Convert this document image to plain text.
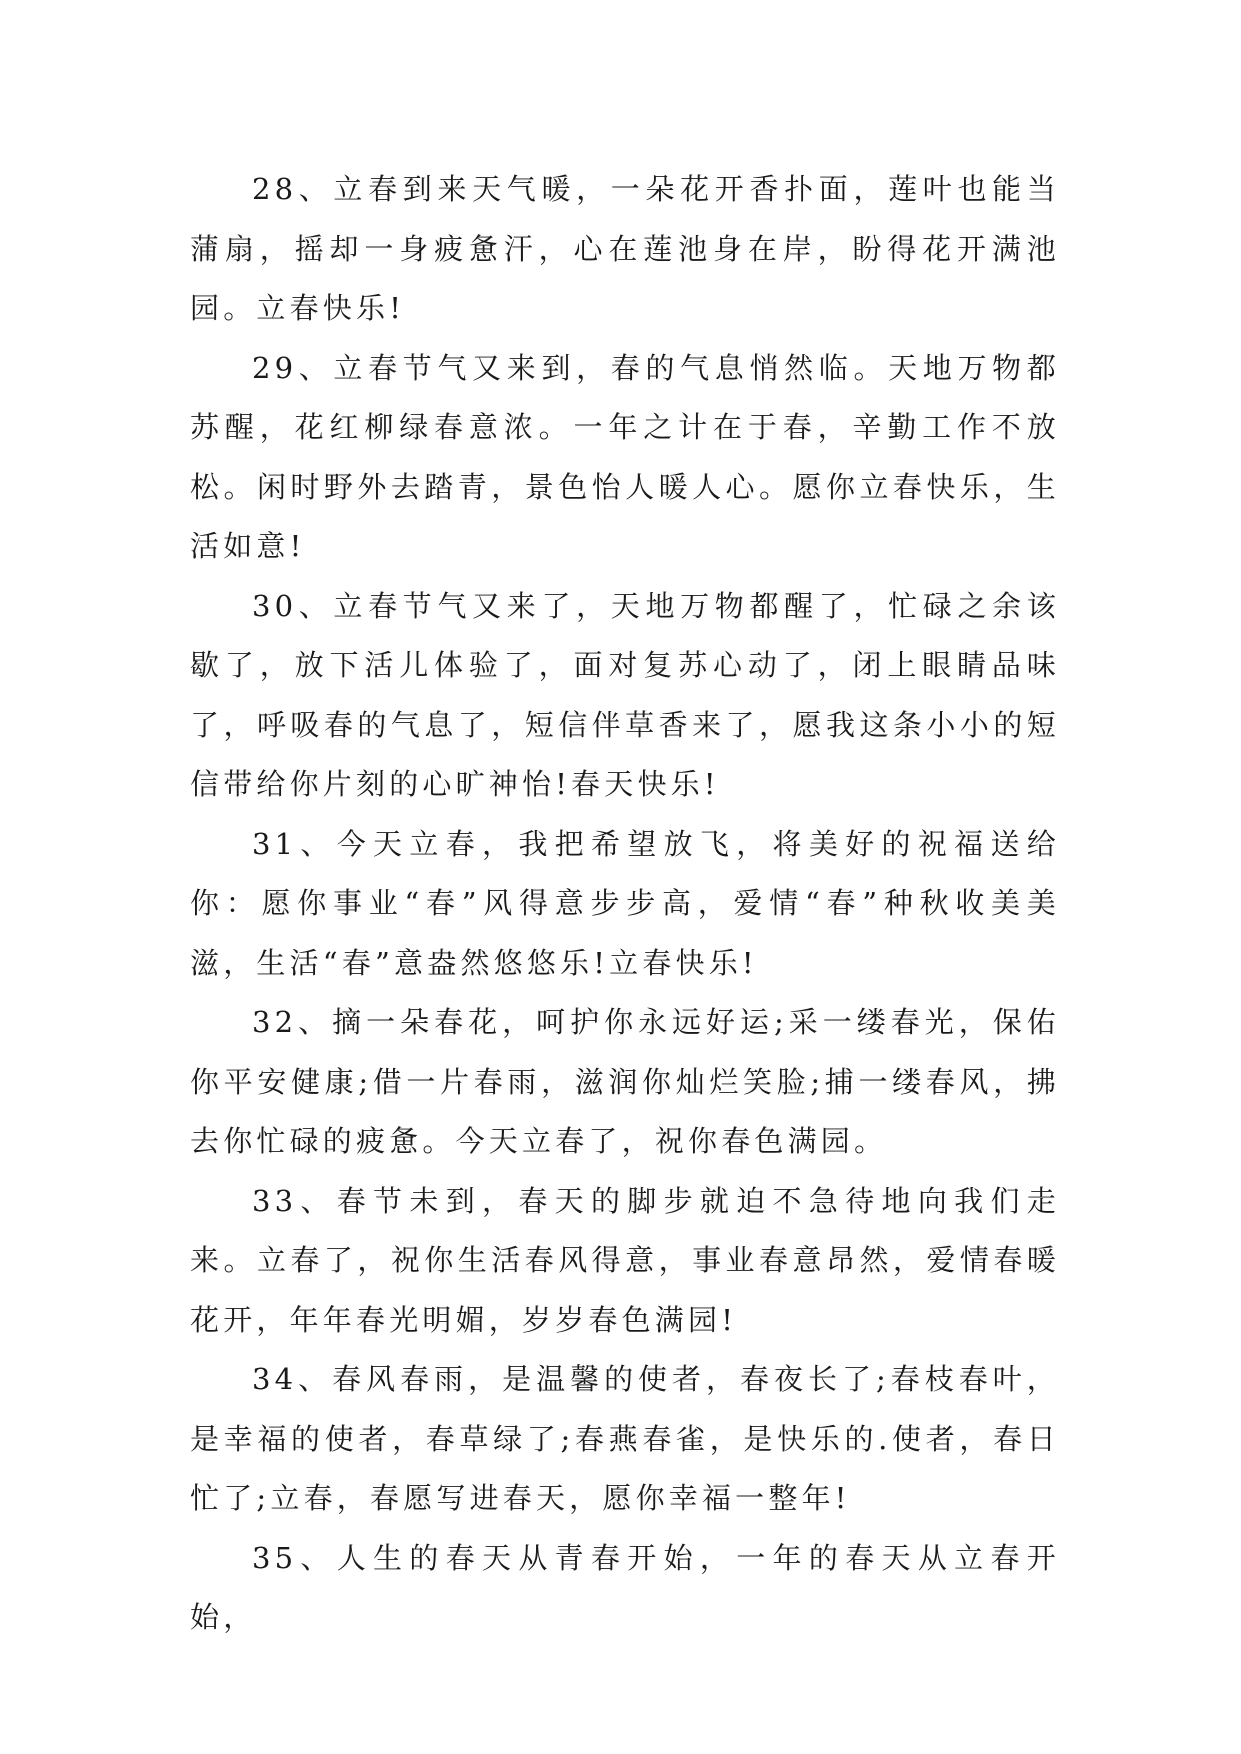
28、立春到来天气暖，一朵花开香扑面，莲叶也能当蒲扇，摇却一身疲惫汗，心在莲池身在岸，盼得花开满池园。立春快乐!

29、立春节气又来到，春的气息悄然临。天地万物都苏醒，花红柳绿春意浓。一年之计在于春，辛勤工作不放松。闲时野外去踏青，景色怡人暖人心。愿你立春快乐，生活如意!

30、立春节气又来了，天地万物都醒了，忙碌之余该歇了，放下活儿体验了，面对复苏心动了，闭上眼睛品味了，呼吸春的气息了，短信伴草香来了，愿我这条小小的短信带给你片刻的心旷神怡!春天快乐!

31、今天立春，我把希望放飞，将美好的祝福送给你：愿你事业“春”风得意步步高，爱情“春”种秋收美美滋，生活“春”意盎然悠悠乐!立春快乐!

32、摘一朵春花，呵护你永远好运;采一缕春光，保佑你平安健康;借一片春雨，滋润你灿烂笑脸;捕一缕春风，拂去你忙碌的疲惫。今天立春了，祝你春色满园。

33、春节未到，春天的脚步就迫不急待地向我们走来。立春了，祝你生活春风得意，事业春意昂然，爱情春暖花开，年年春光明媚，岁岁春色满园!

34、春风春雨，是温馨的使者，春夜长了;春枝春叶，是幸福的使者，春草绿了;春燕春雀，是快乐的.使者，春日忙了;立春，春愿写进春天，愿你幸福一整年!

35、人生的春天从青春开始，一年的春天从立春开始，
